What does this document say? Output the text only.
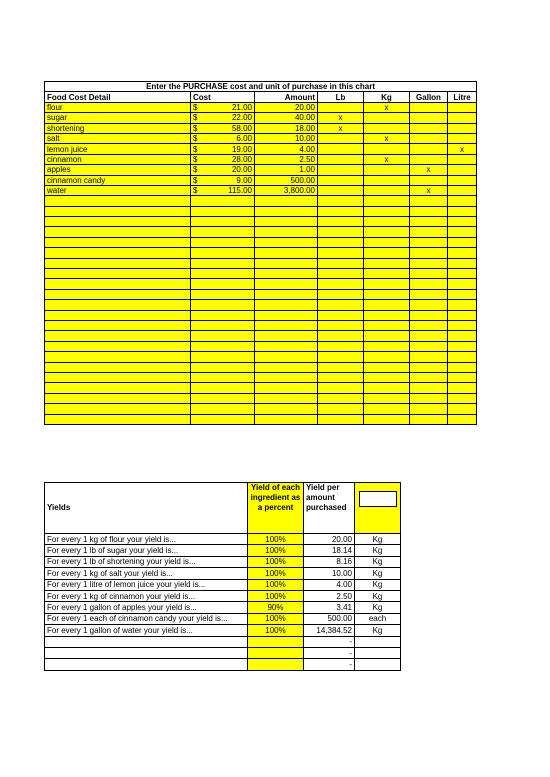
Enter the PURCHASE cost and unit of purchase in this chart						
Food Cost Detail	Cost	Amount	Lb	Kg	Gallon	Litre
flour	$ 21.00	20.00		x		
sugar	$ 22.00	40.00	x			
shortening	$ 58.00	18.00	x			
salt	$ 6.00	10.00		x		
lemon juice	$ 19.00	4.00				x
cinnamon	$ 28.00	2.50		x		
apples	$ 20.00	1.00			x	
cinnamon candy	$ 9.00	500.00				
water	$ 115.00	3,800.00			x	

Yields	Yield of each ingredient as a percent	Yield per amount purchased	
For every 1 kg of flour your yield is...	100%	20.00	Kg
For every 1 lb of sugar your yield is...	100%	18.14	Kg
For every 1 lb of shortening your yield is...	100%	8.16	Kg
For every 1 kg of salt your yield is...	100%	10.00	Kg
For every 1 litre of lemon juice your yield is...	100%	4.00	Kg
For every 1 kg of cinnamon your yield is...	100%	2.50	Kg
For every 1 gallon of apples your yield is...	90%	3.41	Kg
For every 1 each of cinnamon candy your yield is...	100%	500.00	each
For every 1 gallon of water your yield is...	100%	14,384.52	Kg
		-	
		-	
		-	
